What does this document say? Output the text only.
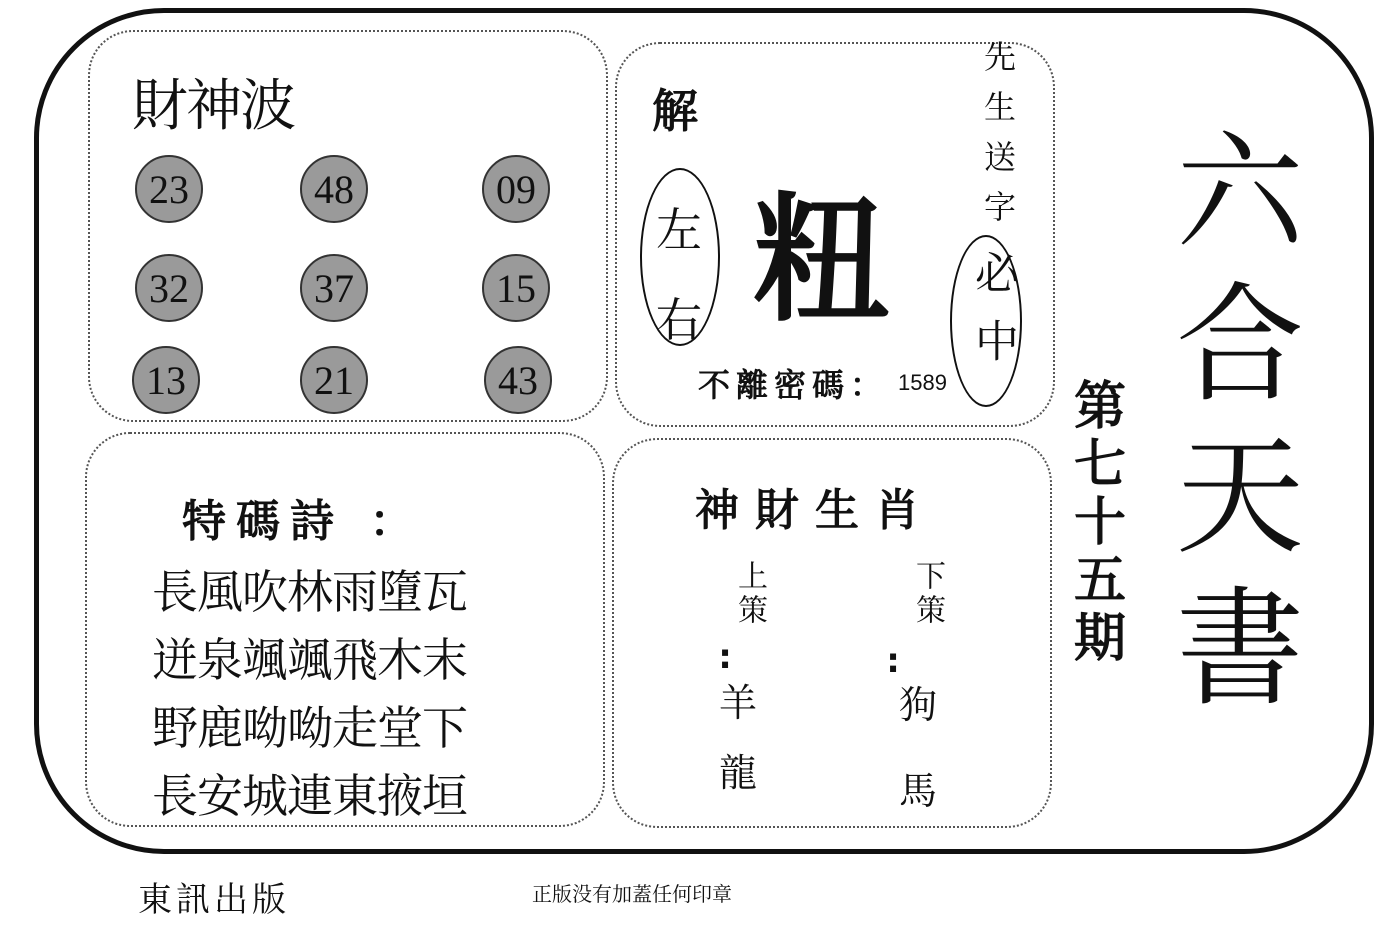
財神波
23	48	09
32	37	15
13	21	43
解
左右 粈
先生送字
必中
不離密碼： 1589
特碼詩 ：
長風吹林雨墮瓦
迸泉颯颯飛木末
野鹿呦呦走堂下
長安城連東掖垣
神財生肖
上策
:
羊
龍
下策
:
狗
馬
第七十五期
六合天書
東訊出版	正版没有加蓋任何印章
